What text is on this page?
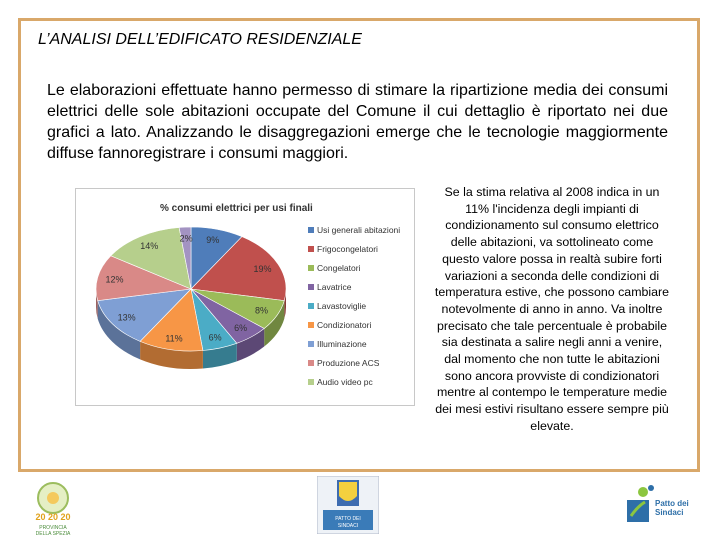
L’ANALISI DELL’EDIFICATO RESIDENZIALE
Le elaborazioni effettuate hanno permesso di stimare la ripartizione media dei consumi elettrici delle sole abitazioni occupate del Comune il cui dettaglio è riportato nei due grafici a lato. Analizzando le disaggregazioni emerge che le tecnologie maggiormente diffuse fannoregistrare i consumi maggiori.
% consumi elettrici per usi finali
9%
19%
8%
6%
6%
11%
13%
12%
14%
2%
Usi generali abitazioni
Frigocongelatori
Congelatori
Lavatrice
Lavastoviglie
Condizionatori
Illuminazione
Produzione ACS
Audio video pc
Se la stima relativa al 2008 indica in un 11% l'incidenza degli impianti di condizionamento sul consumo elettrico delle abitazioni, va sottolineato come questo valore possa in realtà subire forti variazioni a seconda delle condizioni di temperatura estive, che possono cambiare notevolmente di anno in anno. Va inoltre precisato che tale percentuale è probabile sia destinata a salire negli anni a venire, dal momento che non tutte le abitazioni sono ancora provviste di condizionatori mentre al contempo le temperature medie dei mesi estivi risultano essere sempre più elevate.
20 20 20
PROVINCIA
DELLA SPEZIA
PATTO DEI
SINDACI
Patto dei
Sindaci
